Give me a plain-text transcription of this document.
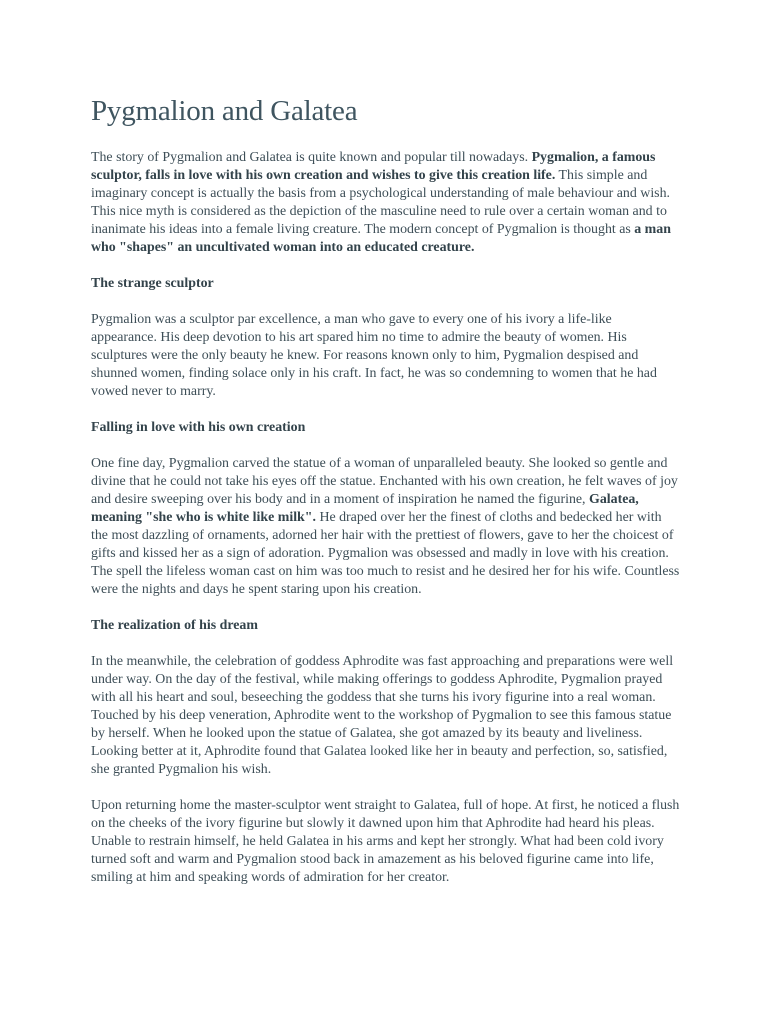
Pygmalion and Galatea

The story of Pygmalion and Galatea is quite known and popular till nowadays. Pygmalion, a famous sculptor, falls in love with his own creation and wishes to give this creation life. This simple and imaginary concept is actually the basis from a psychological understanding of male behaviour and wish. This nice myth is considered as the depiction of the masculine need to rule over a certain woman and to inanimate his ideas into a female living creature. The modern concept of Pygmalion is thought as a man who "shapes" an uncultivated woman into an educated creature.

The strange sculptor

Pygmalion was a sculptor par excellence, a man who gave to every one of his ivory a life-like appearance. His deep devotion to his art spared him no time to admire the beauty of women. His sculptures were the only beauty he knew. For reasons known only to him, Pygmalion despised and shunned women, finding solace only in his craft. In fact, he was so condemning to women that he had vowed never to marry.

Falling in love with his own creation

One fine day, Pygmalion carved the statue of a woman of unparalleled beauty. She looked so gentle and divine that he could not take his eyes off the statue. Enchanted with his own creation, he felt waves of joy and desire sweeping over his body and in a moment of inspiration he named the figurine, Galatea, meaning "she who is white like milk". He draped over her the finest of cloths and bedecked her with the most dazzling of ornaments, adorned her hair with the prettiest of flowers, gave to her the choicest of gifts and kissed her as a sign of adoration. Pygmalion was obsessed and madly in love with his creation. The spell the lifeless woman cast on him was too much to resist and he desired her for his wife. Countless were the nights and days he spent staring upon his creation.

The realization of his dream

In the meanwhile, the celebration of goddess Aphrodite was fast approaching and preparations were well under way. On the day of the festival, while making offerings to goddess Aphrodite, Pygmalion prayed with all his heart and soul, beseeching the goddess that she turns his ivory figurine into a real woman. Touched by his deep veneration, Aphrodite went to the workshop of Pygmalion to see this famous statue by herself. When he looked upon the statue of Galatea, she got amazed by its beauty and liveliness. Looking better at it, Aphrodite found that Galatea looked like her in beauty and perfection, so, satisfied, she granted Pygmalion his wish.

Upon returning home the master-sculptor went straight to Galatea, full of hope. At first, he noticed a flush on the cheeks of the ivory figurine but slowly it dawned upon him that Aphrodite had heard his pleas. Unable to restrain himself, he held Galatea in his arms and kept her strongly. What had been cold ivory turned soft and warm and Pygmalion stood back in amazement as his beloved figurine came into life, smiling at him and speaking words of admiration for her creator.
